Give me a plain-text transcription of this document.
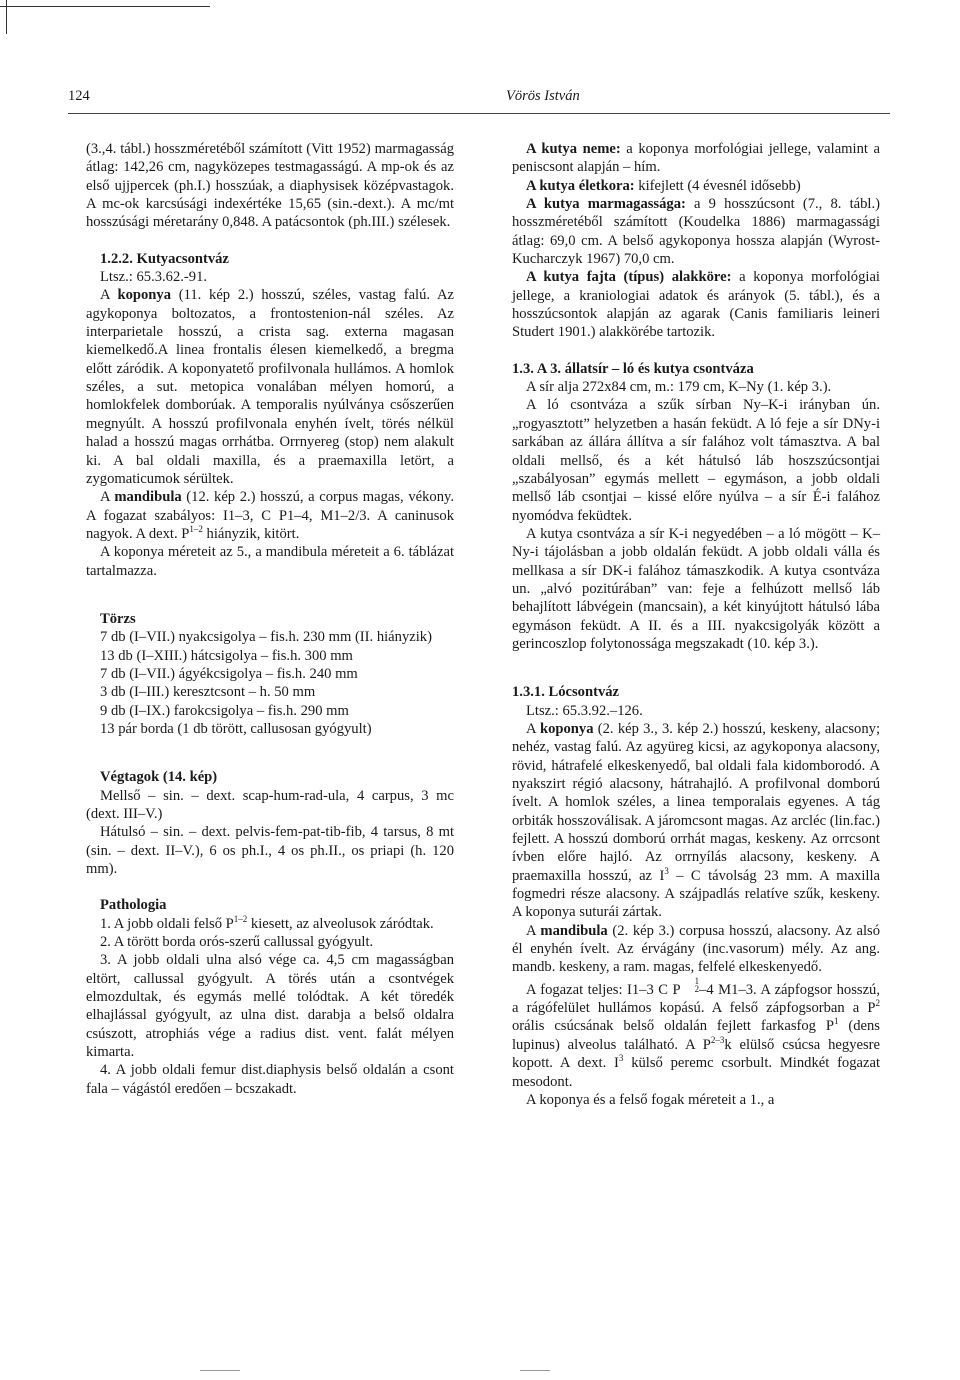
124	Vörös István

(3.,4. tábl.) hosszméretéből számított (Vitt 1952) marmagasság átlag: 142,26 cm, nagyközepes testmagasságú. A mp-ok és az első ujjpercek (ph.I.) hosszúak, a diaphysisek középvastagok. A mc-ok karcsúsági indexértéke 15,65 (sin.-dext.). A mc/mt hosszúsági méretarány 0,848. A patácsontok (ph.III.) szélesek.

1.2.2. Kutyacsontváz

Ltsz.: 65.3.62.-91.

A koponya (11. kép 2.) hosszú, széles, vastag falú. Az agykoponya boltozatos, a frontostenion-nál széles. Az interparietale hosszú, a crista sag. externa magasan kiemelkedő.A linea frontalis élesen kiemelkedő, a bregma előtt záródik. A koponyatető profilvonala hullámos. A homlok széles, a sut. metopica vonalában mélyen homorú, a homlokfelek domborúak. A temporalis nyúlványa csőszerűen megnyúlt. A hosszú profilvonala enyhén ívelt, törés nélkül halad a hosszú magas orrhátba. Orrnyereg (stop) nem alakult ki. A bal oldali maxilla, és a praemaxilla letört, a zygomaticumok sérültek.

A mandibula (12. kép 2.) hosszú, a corpus magas, vékony. A fogazat szabályos: I1–3, C P1–4, M1–2/3. A caninusok nagyok. A dext. $P^{1-2}$ hiányzik, kitört.

A koponya méreteit az 5., a mandibula méreteit a 6. táblázat tartalmazza.

Törzs

7 db (I–VII.) nyakcsigolya – fis.h. 230 mm (II. hiányzik)

13 db (I–XIII.) hátcsigolya – fis.h. 300 mm

7 db (I–VII.) ágyékcsigolya – fis.h. 240 mm

3 db (I–III.) keresztcsont – h. 50 mm

9 db (I–IX.) farokcsigolya – fis.h. 290 mm

13 pár borda (1 db törött, callusosan gyógyult)

Végtagok (14. kép)

Mellső – sin. – dext. scap-hum-rad-ula, 4 carpus, 3 mc (dext. III–V.)

Hátulsó – sin. – dext. pelvis-fem-pat-tib-fib, 4 tarsus, 8 mt (sin. – dext. II–V.), 6 os ph.I., 4 os ph.II., os priapi (h. 120 mm).

Pathologia

1. A jobb oldali felső $P^{1-2}$ kiesett, az alveolusok záródtak.

2. A törött borda orós-szerű callussal gyógyult.

3. A jobb oldali ulna alsó vége ca. 4,5 cm magasságban eltört, callussal gyógyult. A törés után a csontvégek elmozdultak, és egymás mellé tolódtak. A két töredék elhajlással gyógyult, az ulna dist. darabja a belső oldalra csúszott, atrophiás vége a radius dist. vent. falát mélyen kimarta.

4. A jobb oldali femur dist.diaphysis belső oldalán a csont fala – vágástól eredően – bcszakadt.

A kutya neme: a koponya morfológiai jellege, valamint a peniscsont alapján – hím.

A kutya életkora: kifejlett (4 évesnél idősebb)

A kutya marmagassága: a 9 hosszúcsont (7., 8. tábl.) hosszméretéből számított (Koudelka 1886) marmagassági átlag: 69,0 cm. A belső agykoponya hossza alapján (Wyrost-Kucharczyk 1967) 70,0 cm.

A kutya fajta (típus) alakköre: a koponya morfológiai jellege, a kraniologiai adatok és arányok (5. tábl.), és a hosszúcsontok alapján az agarak (Canis familiaris leineri Studert 1901.) alakkörébe tartozik.

1.3. A 3. állatsír – ló és kutya csontváza

A sír alja 272x84 cm, m.: 179 cm, K–Ny (1. kép 3.).

A ló csontváza a szűk sírban Ny–K-i irányban ún. „rogyasztott” helyzetben a hasán feküdt. A ló feje a sír DNy-i sarkában az állára állítva a sír falához volt támasztva. A bal oldali mellső, és a két hátulsó láb hoszszúcsontjai „szabályosan” egymás mellett – egymáson, a jobb oldali mellső láb csontjai – kissé előre nyúlva – a sír É-i falához nyomódva feküdtek.

A kutya csontváza a sír K-i negyedében – a ló mögött – K–Ny-i tájolásban a jobb oldalán feküdt. A jobb oldali válla és mellkasa a sír DK-i falához támaszkodik. A kutya csontváza un. „alvó pozitúrában” van: feje a felhúzott mellső láb behajlított lábvégein (mancsain), a két kinyújtott hátulsó lába egymáson feküdt. A II. és a III. nyakcsigolyák között a gerincoszlop folytonossága megszakadt (10. kép 3.).

1.3.1. Lócsontváz

Ltsz.: 65.3.92.–126.

A koponya (2. kép 3., 3. kép 2.) hosszú, keskeny, alacsony; nehéz, vastag falú. Az agyüreg kicsi, az agykoponya alacsony, rövid, hátrafelé elkeskenyedő, bal oldali fala kidomborodó. A nyakszirt régió alacsony, hátrahajló. A profilvonal domború ívelt. A homlok széles, a linea temporalais egyenes. A tág orbiták hosszoválisak. A járomcsont magas. Az arcléc (lin.fac.) fejlett. A hosszú domború orrhát magas, keskeny. Az orrcsont ívben előre hajló. Az orrnyílás alacsony, keskeny. A praemaxilla hosszú, az $I^3$ – C távolság 23 mm. A maxilla fogmedri része alacsony. A szájpadlás relatíve szűk, keskeny. A koponya suturái zártak.

A mandibula (2. kép 3.) corpusa hosszú, alacsony. Az alsó él enyhén ívelt. Az érvágány (inc.vasorum) mély. Az ang. mandb. keskeny, a ram. magas, felfelé elkeskenyedő.

A fogazat teljes: I1–3 C P
1
2 –4 M1–3. A zápfogsor hosszú, a rágófelület hullámos kopású. A felső zápfogsorban a $P^2$ orális csúcsának belső oldalán fejlett farkasfog $P^1$ (dens lupinus) alveolus található. A $P^{2-3}k$ elülső csúcsa hegyesre kopott. A dext. $I^3$ külső peremc csorbult. Mindkét fogazat mesodont.

A koponya és a felső fogak méreteit a 1., a
